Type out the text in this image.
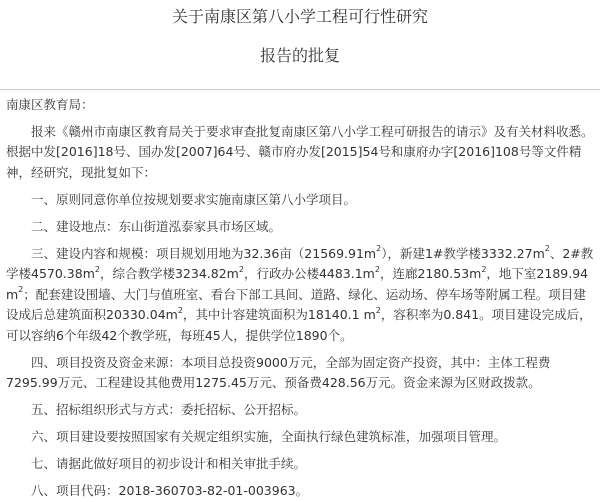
关于南康区第八小学工程可行性研究
报告的批复

南康区教育局：

报来《赣州市南康区教育局关于要求审查批复南康区第八小学工程可研报告的请示》及有关材料收悉。根据中发[2016]18号、国办发[2007]64号、赣市府办发[2015]54号和康府办字[2016]108号等文件精神，经研究，现批复如下：

一、原则同意你单位按规划要求实施南康区第八小学项目。

二、建设地点：东山街道泓泰家具市场区域。

三、建设内容和规模：项目规划用地为32.36亩$(21569.91m^2)$，新建1#教学楼$3332.27m^2$、2#教学楼$4570.38m^2$，综合教学楼$3234.82m^2$，行政办公楼$4483.1m^2$，连廊$2180.53m^2$，地下室2189.94 $m^2$；配套建设围墙、大门与值班室、看台下部工具间、道路、绿化、运动场、停车场等附属工程。项目建设成后总建筑面积$20330.04m^2$，其中计容建筑面积为18140.1 $m^2$，容积率为0.841。项目建设完成后，可以容纳6个年级42个教学班，每班45人，提供学位1890个。

四、项目投资及资金来源：本项目总投资9000万元，全部为固定资产投资，其中：主体工程费7295.99万元、工程建设其他费用1275.45万元、预备费428.56万元。资金来源为区财政拨款。

五、招标组织形式与方式：委托招标、公开招标。

六、项目建设要按照国家有关规定组织实施，全面执行绿色建筑标准，加强项目管理。

七、请据此做好项目的初步设计和相关审批手续。

八、项目代码：2018-360703-82-01-003963。
